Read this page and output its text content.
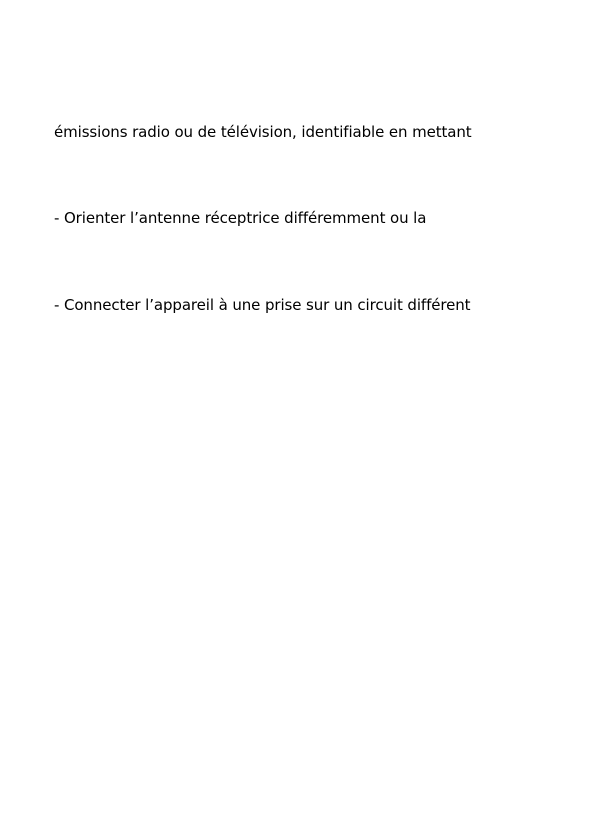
émissions radio ou de télévision, identifiable en mettant

- Orienter l’antenne réceptrice différemment ou la

- Connecter l’appareil à une prise sur un circuit différent
